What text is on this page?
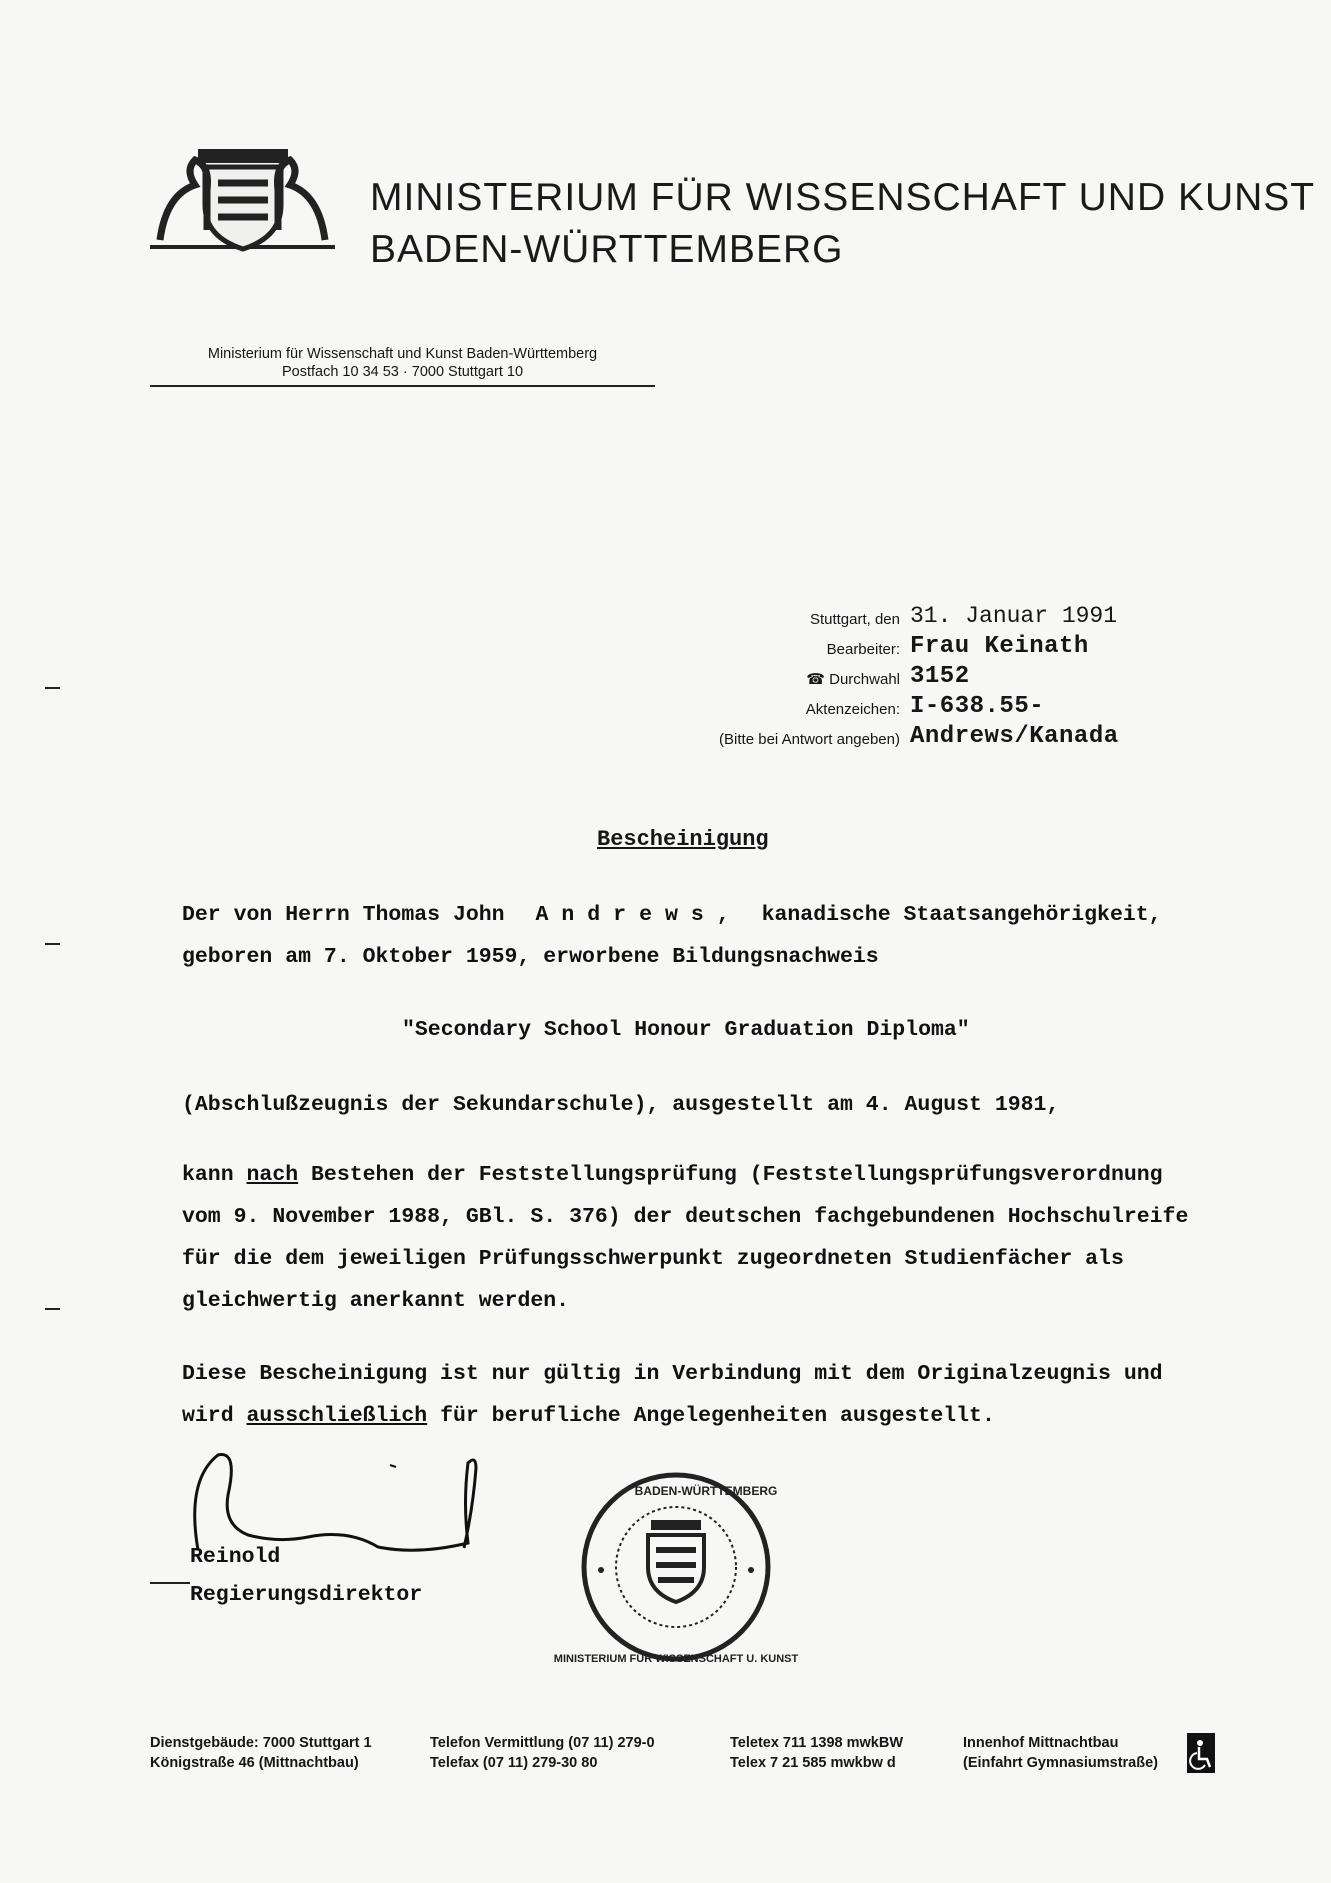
MINISTERIUM FÜR WISSENSCHAFT UND KUNST
BADEN-WÜRTTEMBERG
Ministerium für Wissenschaft und Kunst Baden-Württemberg
Postfach 10 34 53 · 7000 Stuttgart 10
Stuttgart, den 31. Januar 1991
Bearbeiter: Frau Keinath
☎ Durchwahl 3152
Aktenzeichen: I-638.55-
(Bitte bei Antwort angeben) Andrews/Kanada
Bescheinigung
Der von Herrn Thomas John Andrews, kanadische Staatsangehörigkeit,
geboren am 7. Oktober 1959, erworbene Bildungsnachweis
"Secondary School Honour Graduation Diploma"
(Abschlußzeugnis der Sekundarschule), ausgestellt am 4. August 1981,
kann nach Bestehen der Feststellungsprüfung (Feststellungsprüfungsverordnung
vom 9. November 1988, GBl. S. 376) der deutschen fachgebundenen Hochschulreife
für die dem jeweiligen Prüfungsschwerpunkt zugeordneten Studienfächer als
gleichwertig anerkannt werden.
Diese Bescheinigung ist nur gültig in Verbindung mit dem Originalzeugnis und
wird ausschließlich für berufliche Angelegenheiten ausgestellt.
Reinold
Regierungsdirektor
BADEN-WÜRTTEMBERG
MINISTERIUM FÜR WISSENSCHAFT U. KUNST
Dienstgebäude: 7000 Stuttgart 1
Königstraße 46 (Mittnachtbau)
Telefon Vermittlung (07 11) 279-0
Telefax (07 11) 279-30 80
Teletex 711 1398 mwkBW
Telex 7 21 585 mwkbw d
Innenhof Mittnachtbau
(Einfahrt Gymnasiumstraße)
